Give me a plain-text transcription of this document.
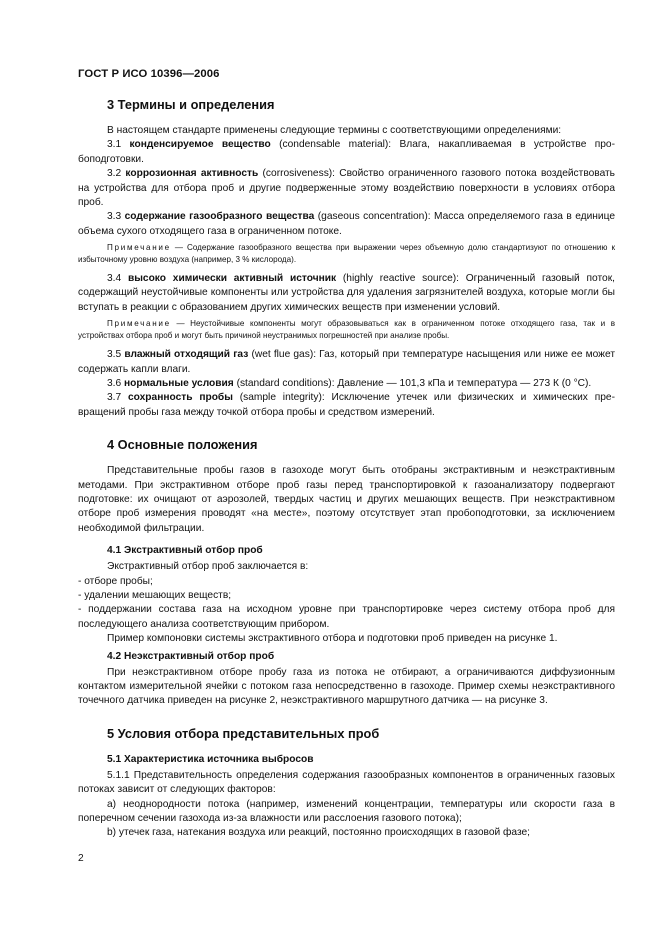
ГОСТ Р ИСО 10396—2006
3 Термины и определения

В настоящем стандарте применены следующие термины с соответствующими определениями:

3.1 конденсируемое вещество (condensable material): Влага, накапливаемая в устройстве пробоподготовки.

3.2 коррозионная активность (corrosiveness): Свойство ограниченного газового потока воздействовать на устройства для отбора проб и другие подверженные этому воздействию поверхности в условиях отбора проб.

3.3 содержание газообразного вещества (gaseous concentration): Масса определяемого газа в единице объема сухого отходящего газа в ограниченном потоке.

Примечание — Содержание газообразного вещества при выражении через объемную долю стандартизуют по отношению к избыточному уровню воздуха (например, 3 % кислорода).

3.4 высоко химически активный источник (highly reactive source): Ограниченный газовый поток, содержащий неустойчивые компоненты или устройства для удаления загрязнителей воздуха, которые могли бы вступать в реакции с образованием других химических веществ при изменении условий.

Примечание — Неустойчивые компоненты могут образовываться как в ограниченном потоке отходящего газа, так и в устройствах отбора проб и могут быть причиной неустранимых погрешностей при анализе пробы.

3.5 влажный отходящий газ (wet flue gas): Газ, который при температуре насыщения или ниже ее может содержать капли влаги.

3.6 нормальные условия (standard conditions): Давление — 101,3 кПа и температура — 273 К (0 °С).

3.7 сохранность пробы (sample integrity): Исключение утечек или физических и химических превращений пробы газа между точкой отбора пробы и средством измерений.

4 Основные положения

Представительные пробы газов в газоходе могут быть отобраны экстрактивным и неэкстрактивным методами. При экстрактивном отборе проб газы перед транспортировкой к газоанализатору подвергают подготовке: их очищают от аэрозолей, твердых частиц и других мешающих веществ. При неэкстрактивном отборе проб измерения проводят «на месте», поэтому отсутствует этап пробоподготовки, за исключением необходимой фильтрации.

4.1 Экстрактивный отбор проб

Экстрактивный отбор проб заключается в:

- отборе пробы;

- удалении мешающих веществ;

- поддержании состава газа на исходном уровне при транспортировке через систему отбора проб для последующего анализа соответствующим прибором.

Пример компоновки системы экстрактивного отбора и подготовки проб приведен на рисунке 1.

4.2 Неэкстрактивный отбор проб

При неэкстрактивном отборе пробу газа из потока не отбирают, а ограничиваются диффузионным контактом измерительной ячейки с потоком газа непосредственно в газоходе. Пример схемы неэкстрактивного точечного датчика приведен на рисунке 2, неэкстрактивного маршрутного датчика — на рисунке 3.

5 Условия отбора представительных проб
5.1 Характеристика источника выбросов

5.1.1 Представительность определения содержания газообразных компонентов в ограниченных газовых потоках зависит от следующих факторов:

a) неоднородности потока (например, изменений концентрации, температуры или скорости газа в поперечном сечении газохода из-за влажности или расслоения газового потока);

b) утечек газа, натекания воздуха или реакций, постоянно происходящих в газовой фазе;

2
